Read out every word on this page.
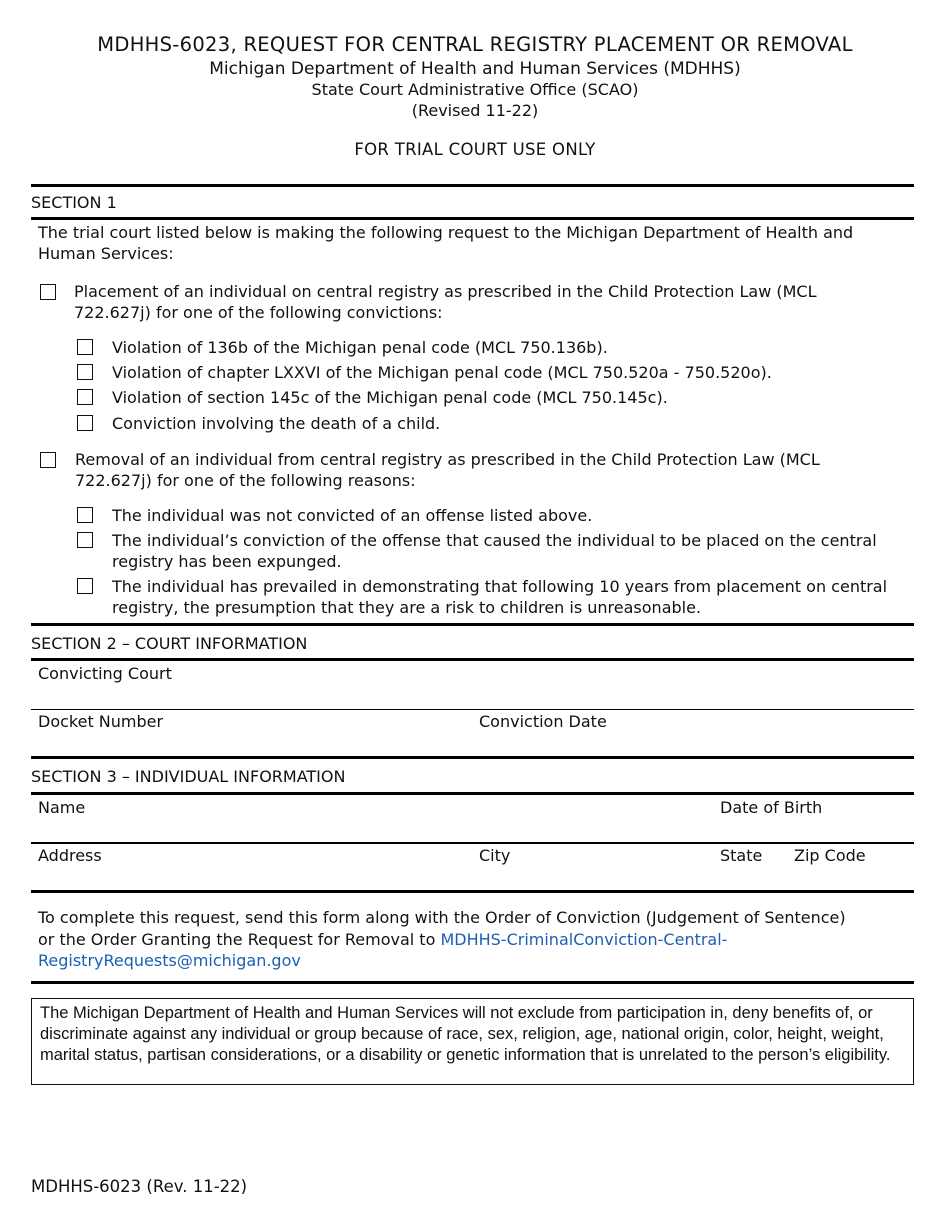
MDHHS-6023, REQUEST FOR CENTRAL REGISTRY PLACEMENT OR REMOVAL
Michigan Department of Health and Human Services (MDHHS)
State Court Administrative Office (SCAO)
(Revised 11-22)
FOR TRIAL COURT USE ONLY
SECTION 1
The trial court listed below is making the following request to the Michigan Department of Health and
Human Services:
Placement of an individual on central registry as prescribed in the Child Protection Law (MCL
722.627j) for one of the following convictions:
Violation of 136b of the Michigan penal code (MCL 750.136b).
Violation of chapter LXXVI of the Michigan penal code (MCL 750.520a - 750.520o).
Violation of section 145c of the Michigan penal code (MCL 750.145c).
Conviction involving the death of a child.
Removal of an individual from central registry as prescribed in the Child Protection Law (MCL
722.627j) for one of the following reasons:
The individual was not convicted of an offense listed above.
The individual’s conviction of the offense that caused the individual to be placed on the central
registry has been expunged.
The individual has prevailed in demonstrating that following 10 years from placement on central
registry, the presumption that they are a risk to children is unreasonable.
SECTION 2 – COURT INFORMATION
Convicting Court
Docket Number	Conviction Date
SECTION 3 – INDIVIDUAL INFORMATION
Name	Date of Birth
Address	City	State Zip Code
To complete this request, send this form along with the Order of Conviction (Judgement of Sentence)
or the Order Granting the Request for Removal to MDHHS-CriminalConviction-Central-
RegistryRequests@michigan.gov
The Michigan Department of Health and Human Services will not exclude from participation in, deny benefits of, or discriminate against any individual or group because of race, sex, religion, age, national origin, color, height, weight, marital status, partisan considerations, or a disability or genetic information that is unrelated to the person’s eligibility.
MDHHS-6023 (Rev. 11-22)
